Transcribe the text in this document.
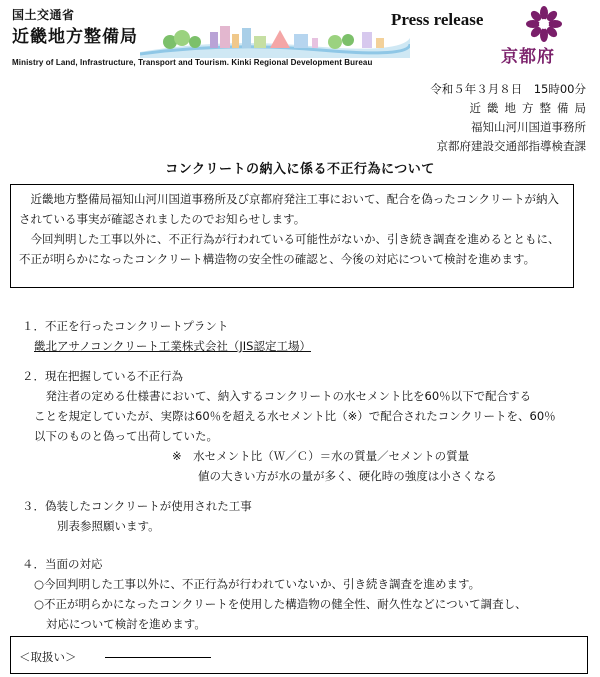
国土交通省
近畿地方整備局
Ministry of Land, Infrastructure, Transport and Tourism. Kinki Regional Development Bureau
Press release
京都府
令和５年３月８日　15時00分
近畿地方整備局
福知山河川国道事務所
京都府建設交通部指導検査課
コンクリートの納入に係る不正行為について

近畿地方整備局福知山河川国道事務所及び京都府発注工事において、配合を偽ったコンクリートが納入されている事実が確認されましたのでお知らせします。

今回判明した工事以外に、不正行為が行われている可能性がないか、引き続き調査を進めるとともに、不正が明らかになったコンクリート構造物の安全性の確認と、今後の対応について検討を進めます。

１．不正を行ったコンクリートプラント
畿北アサノコンクリート工業株式会社（JIS認定工場）
２．現在把握している不正行為
発注者の定める仕様書において、納入するコンクリートの水セメント比を60％以下で配合する
ことを規定していたが、実際は60％を超える水セメント比（※）で配合されたコンクリートを、60％
以下のものと偽って出荷していた。
※　水セメント比（Ｗ／Ｃ）＝水の質量／セメントの質量
値の大きい方が水の量が多く、硬化時の強度は小さくなる
３．偽装したコンクリートが使用された工事
別表参照願います。
４．当面の対応
○今回判明した工事以外に、不正行為が行われていないか、引き続き調査を進めます。
○不正が明らかになったコンクリートを使用した構造物の健全性、耐久性などについて調査し、
対応について検討を進めます。
＜取扱い＞
